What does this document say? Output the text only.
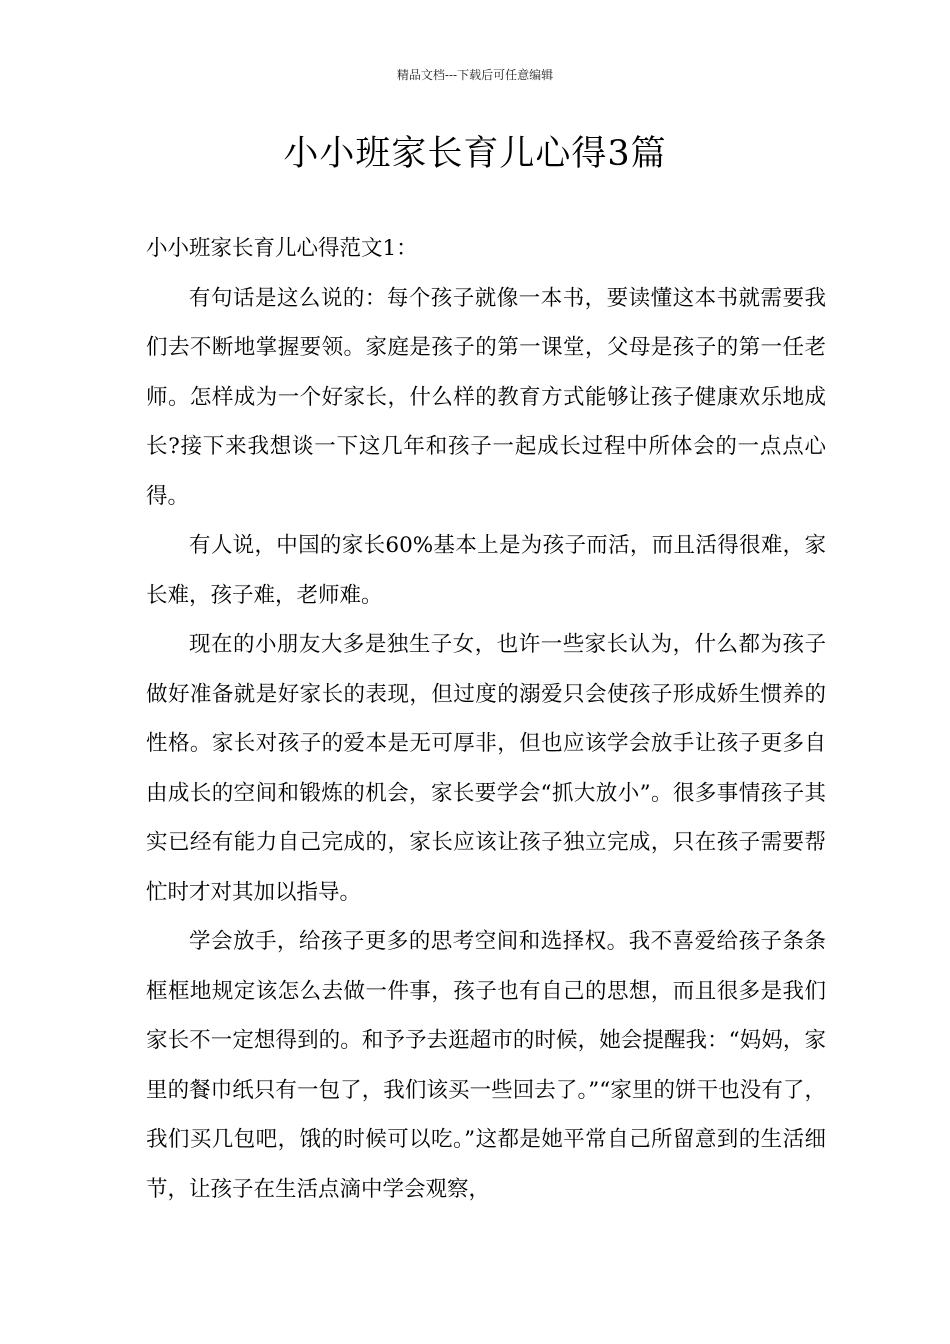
精品文档---下载后可任意编辑
小小班家长育儿心得3篇

小小班家长育儿心得范文1：

有句话是这么说的：每个孩子就像一本书，要读懂这本书就需要我们去不断地掌握要领。家庭是孩子的第一课堂，父母是孩子的第一任老师。怎样成为一个好家长，什么样的教育方式能够让孩子健康欢乐地成长?接下来我想谈一下这几年和孩子一起成长过程中所体会的一点点心得。

有人说，中国的家长60%基本上是为孩子而活，而且活得很难，家长难，孩子难，老师难。

现在的小朋友大多是独生子女，也许一些家长认为，什么都为孩子做好准备就是好家长的表现，但过度的溺爱只会使孩子形成娇生惯养的性格。家长对孩子的爱本是无可厚非，但也应该学会放手让孩子更多自由成长的空间和锻炼的机会，家长要学会“抓大放小”。很多事情孩子其实已经有能力自己完成的，家长应该让孩子独立完成，只在孩子需要帮忙时才对其加以指导。

学会放手，给孩子更多的思考空间和选择权。我不喜爱给孩子条条框框地规定该怎么去做一件事，孩子也有自己的思想，而且很多是我们家长不一定想得到的。和予予去逛超市的时候，她会提醒我：“妈妈，家里的餐巾纸只有一包了，我们该买一些回去了。”“家里的饼干也没有了，我们买几包吧，饿的时候可以吃。”这都是她平常自己所留意到的生活细节，让孩子在生活点滴中学会观察，
